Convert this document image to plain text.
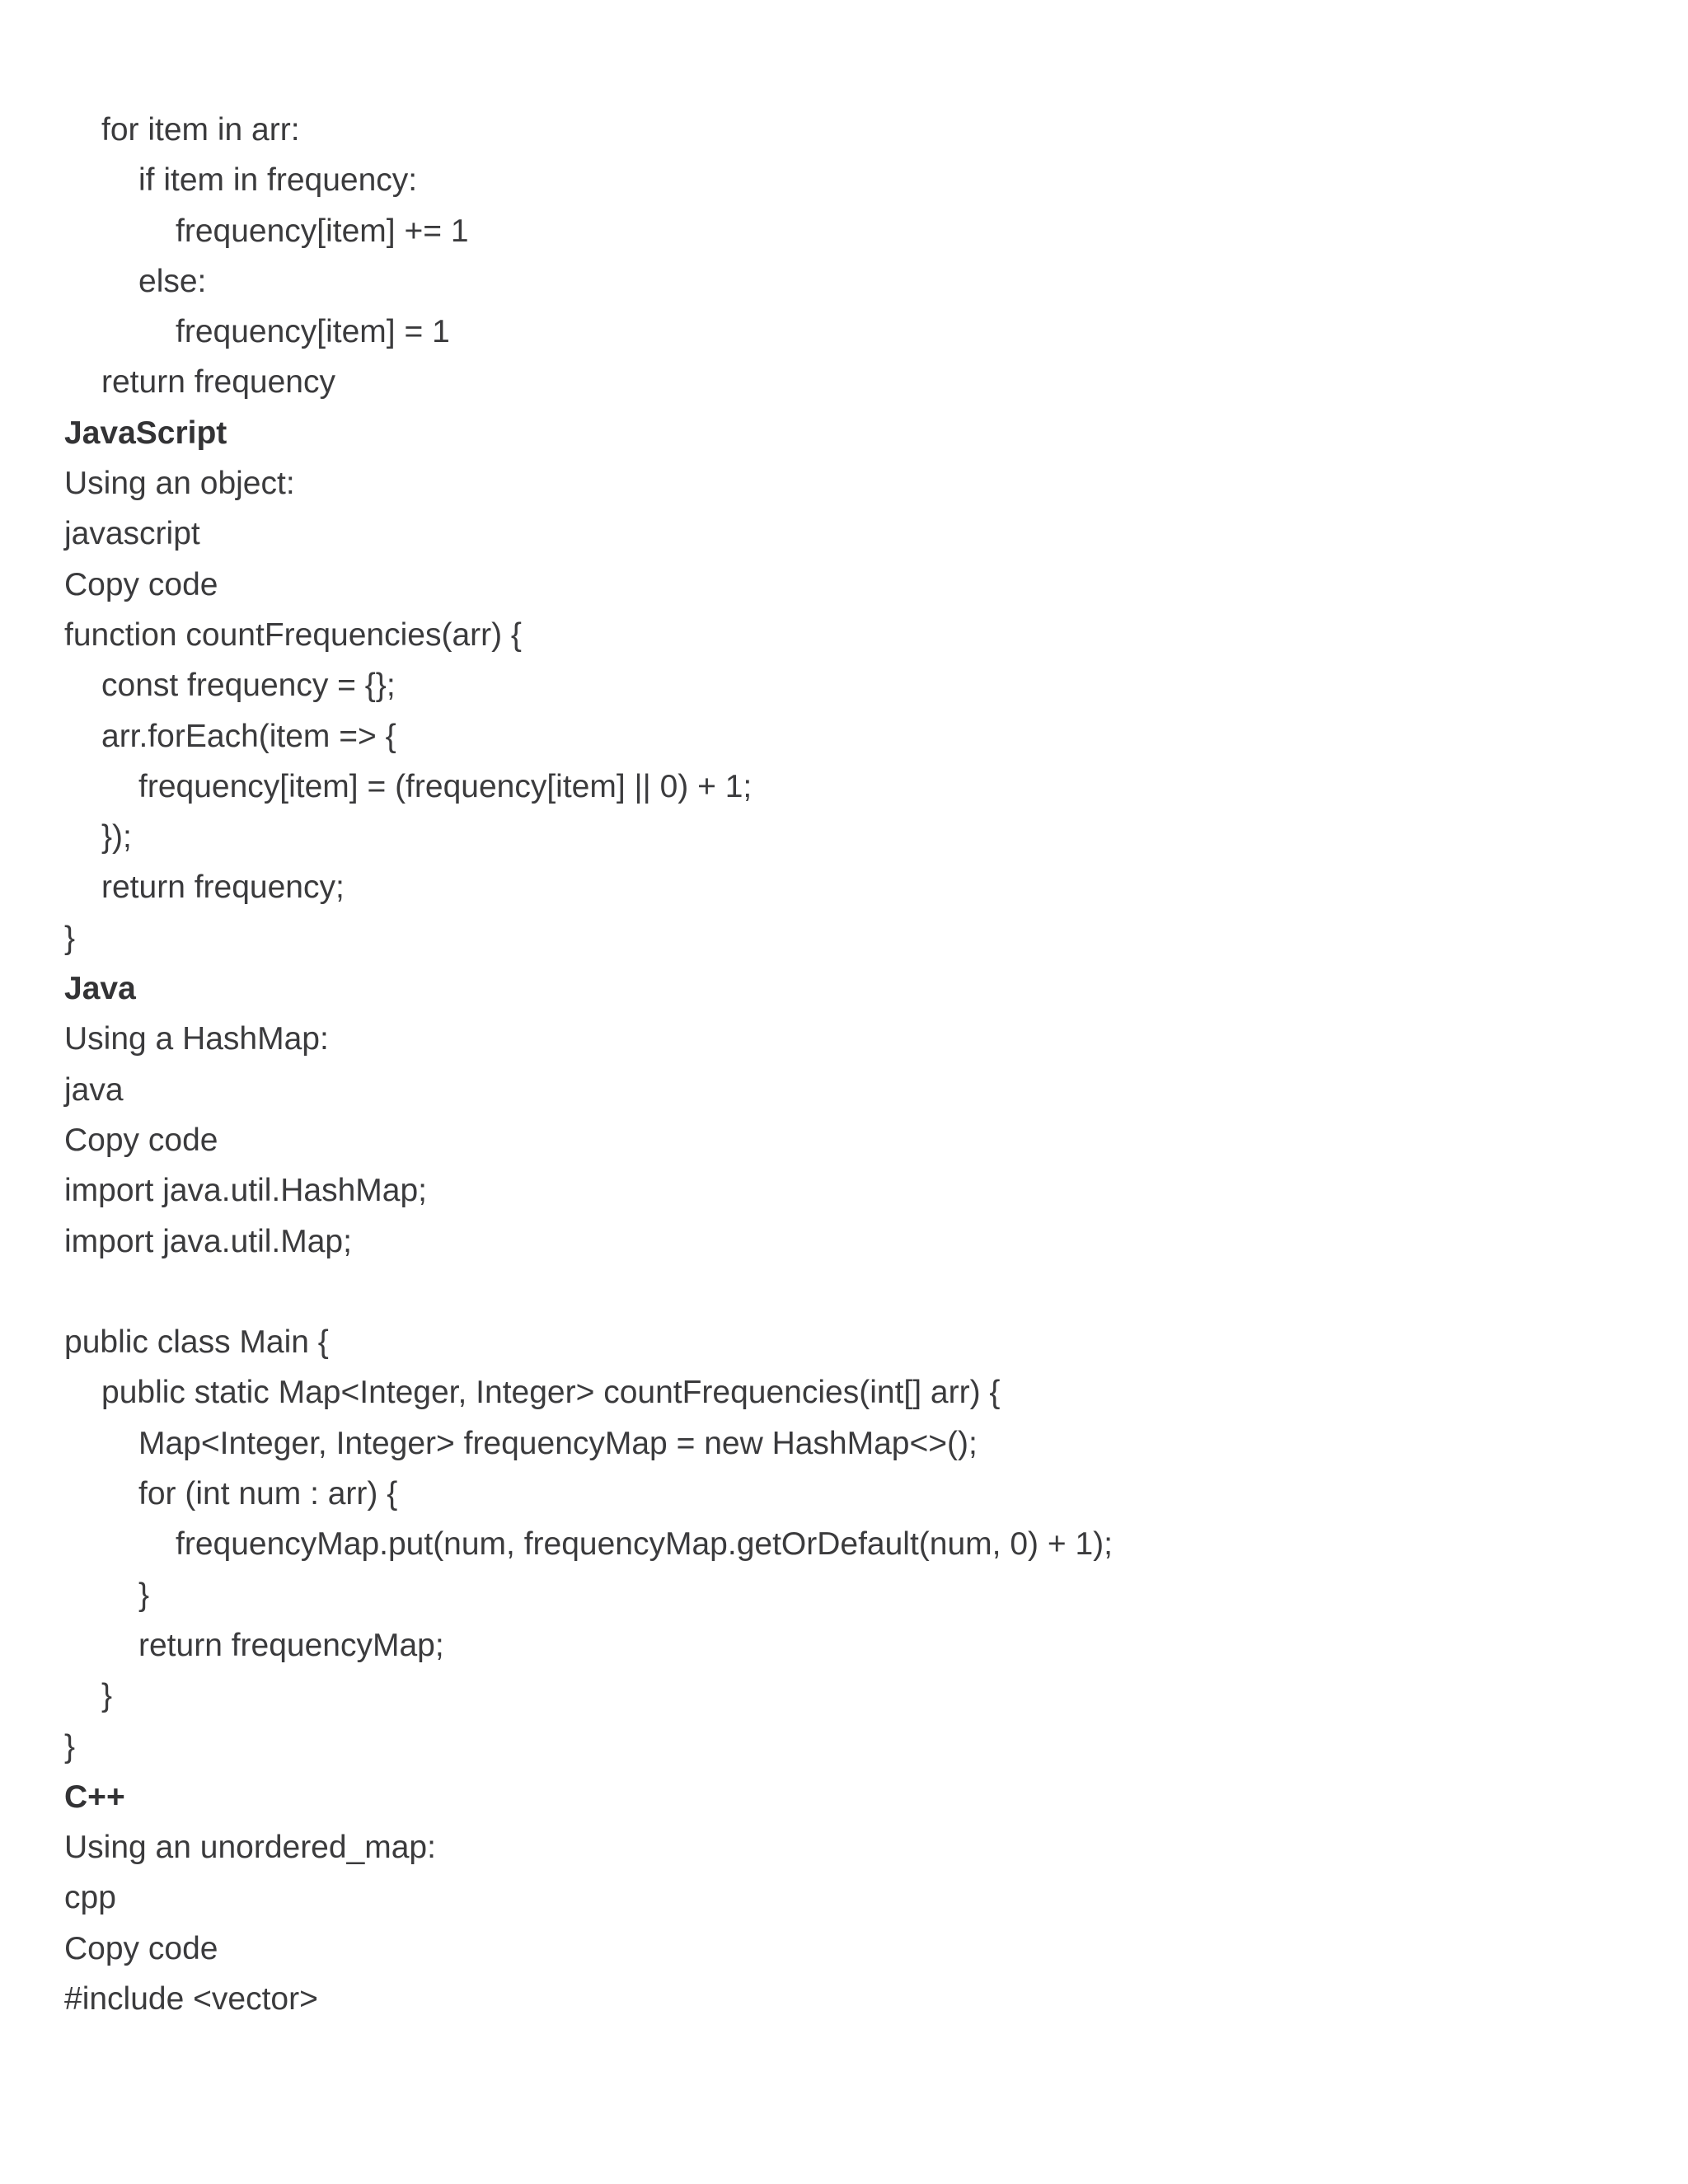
for item in arr:
if item in frequency:
frequency[item] += 1
else:
frequency[item] = 1
return frequency
JavaScript
Using an object:
javascript
Copy code
function countFrequencies(arr) {
const frequency = {};
arr.forEach(item => {
frequency[item] = (frequency[item] || 0) + 1;
});
return frequency;
}
Java
Using a HashMap:
java
Copy code
import java.util.HashMap;
import java.util.Map;
public class Main {
public static Map<Integer, Integer> countFrequencies(int[] arr) {
Map<Integer, Integer> frequencyMap = new HashMap<>();
for (int num : arr) {
frequencyMap.put(num, frequencyMap.getOrDefault(num, 0) + 1);
}
return frequencyMap;
}
}
C++
Using an unordered_map:
cpp
Copy code
#include <vector>
